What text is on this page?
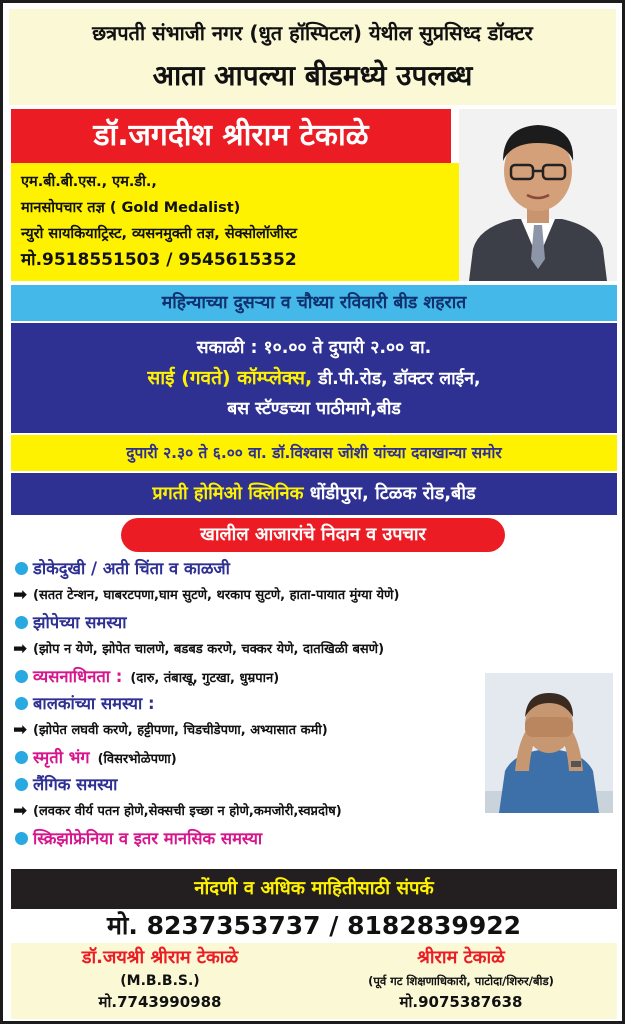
छत्रपती संभाजी नगर (धुत हॉस्पिटल) येथील सुप्रसिध्द डॉक्टर
आता आपल्या बीडमध्ये उपलब्ध
डॉ.जगदीश श्रीराम टेकाळे
एम.बी.बी.एस., एम.डी.,
मानसोपचार तज्ञ ( Gold Medalist)
न्युरो सायकियाट्रिस्ट, व्यसनमुक्ती तज्ञ, सेक्सोलॉजीस्ट
मो.9518551503 / 9545615352
महिन्याच्या दुसऱ्या व चौथ्या रविवारी बीड शहरात
सकाळी : १०.०० ते दुपारी २.०० वा.
साई (गवते) कॉम्प्लेक्स, डी.पी.रोड, डॉक्टर लाईन,
बस स्टॅण्डच्या पाठीमागे,बीड
दुपारी २.३० ते ६.०० वा. डॉ.विश्वास जोशी यांच्या दवाखान्या समोर
प्रगती होमिओ क्लिनिक धोंडीपुरा, टिळक रोड,बीड
खालील आजारांचे निदान व उपचार
डोकेदुखी / अती चिंता व काळजी
➡ (सतत टेन्शन, घाबरटपणा,घाम सुटणे, थरकाप सुटणे, हाता-पायात मुंग्या येणे)
झोपेच्या समस्या
➡ (झोप न येणे, झोपेत चालणे, बडबड करणे, चक्कर येणे, दातखिळी बसणे)
व्यसनाधिनता : (दारु, तंबाखू, गुटखा, धुम्रपान)
बालकांच्या समस्या :
➡ (झोपेत लघवी करणे, हट्टीपणा, चिडचीडेपणा, अभ्यासात कमी)
स्मृती भंग (विसरभोळेपणा)
लैंगिक समस्या
➡ (लवकर वीर्य पतन होणे,सेक्सची इच्छा न होणे,कमजोरी,स्वप्नदोष)
स्क्रिझोफ्रेनिया व इतर मानसिक समस्या
नोंदणी व अधिक माहितीसाठी संपर्क
मो. 8237353737 / 8182839922
डॉ.जयश्री श्रीराम टेकाळे
(M.B.B.S.)
मो.7743990988
श्रीराम टेकाळे
(पूर्व गट शिक्षणाधिकारी, पाटोदा/शिरुर/बीड)
मो.9075387638
